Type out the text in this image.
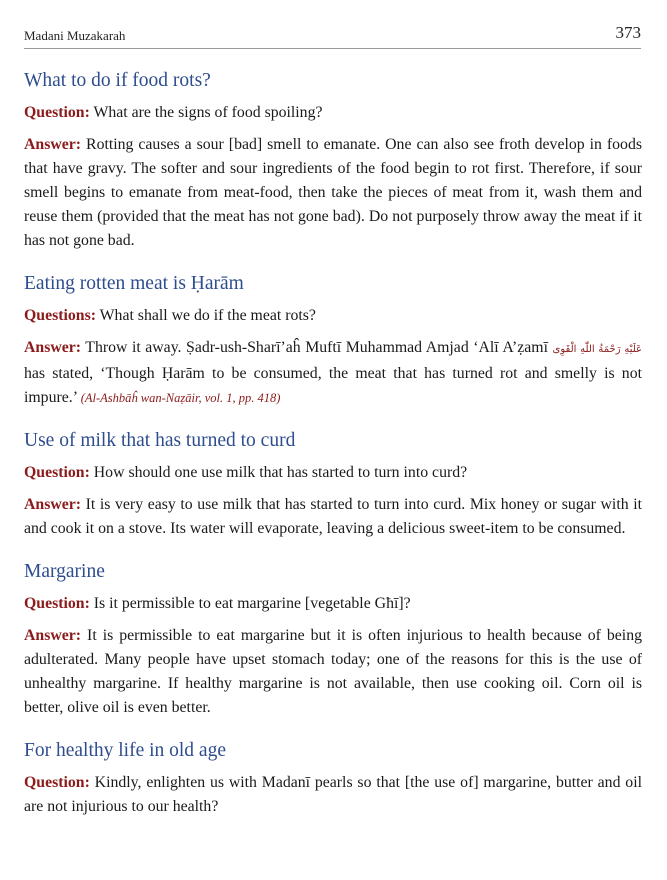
Madani Muzakarah	373
What to do if food rots?

Question: What are the signs of food spoiling?

Answer: Rotting causes a sour [bad] smell to emanate. One can also see froth develop in foods that have gravy. The softer and sour ingredients of the food begin to rot first. Therefore, if sour smell begins to emanate from meat-food, then take the pieces of meat from it, wash them and reuse them (provided that the meat has not gone bad). Do not purposely throw away the meat if it has not gone bad.

Eating rotten meat is Ḥarām

Questions: What shall we do if the meat rots?

Answer: Throw it away. Ṣadr-ush-Sharī’aĥ Muftī Muhammad Amjad ‘Alī A’ẓamī عَلَيْهِ رَحْمَةُ اللّٰهِ الْقَوِی has stated, ‘Though Ḥarām to be consumed, the meat that has turned rot and smelly is not impure.’ (Al-Ashbāĥ wan-Naẓāir, vol. 1, pp. 418)

Use of milk that has turned to curd

Question: How should one use milk that has started to turn into curd?

Answer: It is very easy to use milk that has started to turn into curd. Mix honey or sugar with it and cook it on a stove. Its water will evaporate, leaving a delicious sweet-item to be consumed.

Margarine

Question: Is it permissible to eat margarine [vegetable Għī]?

Answer: It is permissible to eat margarine but it is often injurious to health because of being adulterated. Many people have upset stomach today; one of the reasons for this is the use of unhealthy margarine. If healthy margarine is not available, then use cooking oil. Corn oil is better, olive oil is even better.

For healthy life in old age

Question: Kindly, enlighten us with Madanī pearls so that [the use of] margarine, butter and oil are not injurious to our health?
